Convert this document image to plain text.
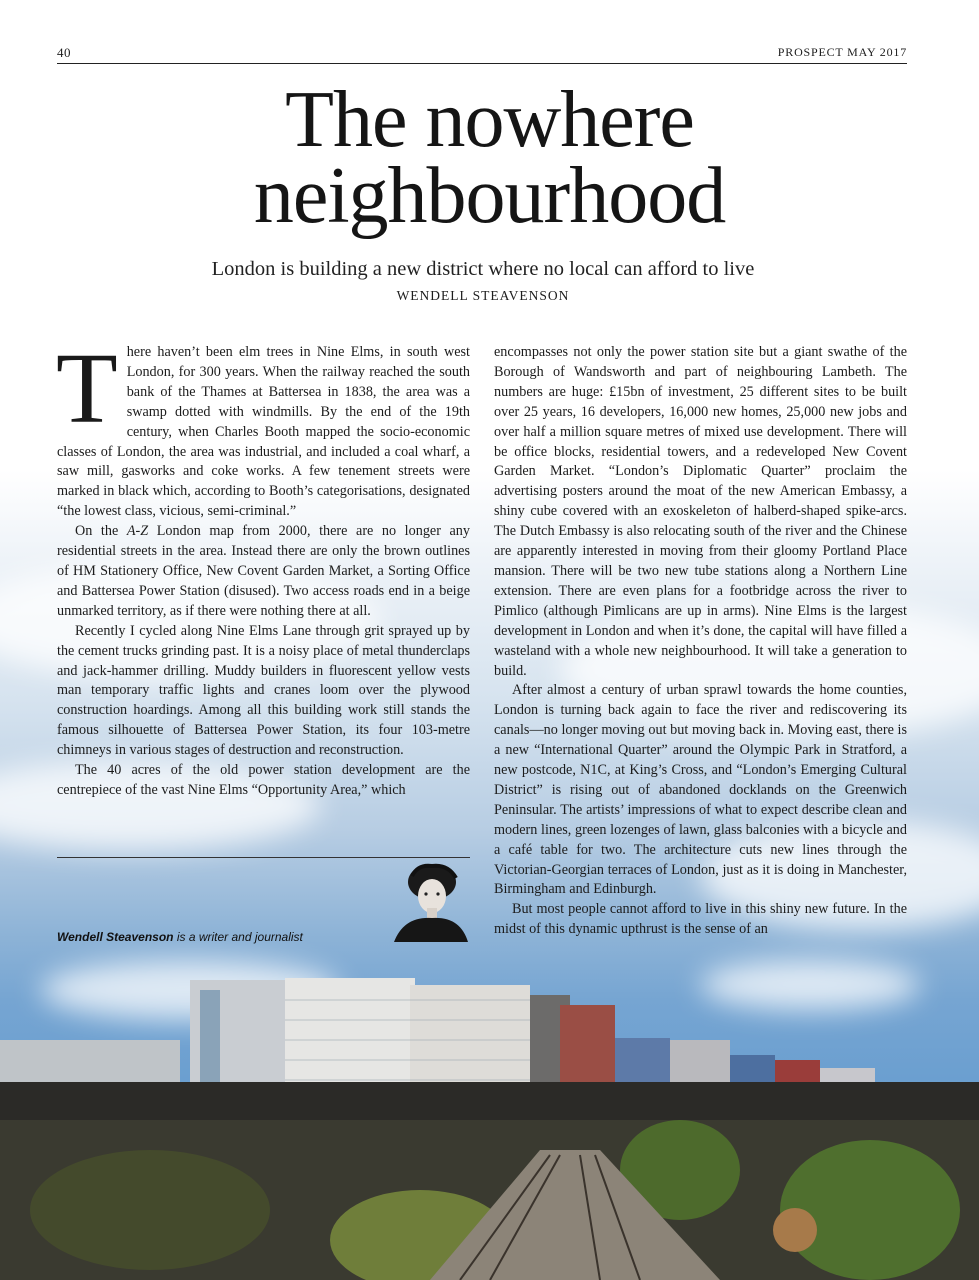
40	PROSPECT MAY 2017
The nowhere
neighbourhood
London is building a new district where no local can afford to live
WENDELL STEAVENSON

There haven’t been elm trees in Nine Elms, in south west London, for 300 years. When the railway reached the south bank of the Thames at Battersea in 1838, the area was a swamp dotted with windmills. By the end of the 19th century, when Charles Booth mapped the socio-economic classes of London, the area was industrial, and included a coal wharf, a saw mill, gasworks and coke works. A few tenement streets were marked in black which, according to Booth’s categorisations, designated “the lowest class, vicious, semi-criminal.”

On the A-Z London map from 2000, there are no longer any residential streets in the area. Instead there are only the brown outlines of HM Stationery Office, New Covent Garden Market, a Sorting Office and Battersea Power Station (disused). Two access roads end in a beige unmarked territory, as if there were nothing there at all.

Recently I cycled along Nine Elms Lane through grit sprayed up by the cement trucks grinding past. It is a noisy place of metal thunderclaps and jack-hammer drilling. Muddy builders in fluorescent yellow vests man temporary traffic lights and cranes loom over the plywood construction hoardings. Among all this building work still stands the famous silhouette of Battersea Power Station, its four 103-metre chimneys in various stages of destruction and reconstruction.

The 40 acres of the old power station development are the centrepiece of the vast Nine Elms “Opportunity Area,” which

encompasses not only the power station site but a giant swathe of the Borough of Wandsworth and part of neighbouring Lambeth. The numbers are huge: £15bn of investment, 25 different sites to be built over 25 years, 16 developers, 16,000 new homes, 25,000 new jobs and over half a million square metres of mixed use development. There will be office blocks, residential towers, and a redeveloped New Covent Garden Market. “London’s Diplomatic Quarter” proclaim the advertising posters around the moat of the new American Embassy, a shiny cube covered with an exoskeleton of halberd-shaped spike-arcs. The Dutch Embassy is also relocating south of the river and the Chinese are apparently interested in moving from their gloomy Portland Place mansion. There will be two new tube stations along a Northern Line extension. There are even plans for a footbridge across the river to Pimlico (although Pimlicans are up in arms). Nine Elms is the largest development in London and when it’s done, the capital will have filled a wasteland with a whole new neighbourhood. It will take a generation to build.

After almost a century of urban sprawl towards the home counties, London is turning back again to face the river and rediscovering its canals—no longer moving out but moving back in. Moving east, there is a new “International Quarter” around the Olympic Park in Stratford, a new postcode, N1C, at King’s Cross, and “London’s Emerging Cultural District” is rising out of abandoned docklands on the Greenwich Peninsular. The artists’ impressions of what to expect describe clean and modern lines, green lozenges of lawn, glass balconies with a bicycle and a café table for two. The architecture cuts new lines through the Victorian-Georgian terraces of London, just as it is doing in Manchester, Birmingham and Edinburgh.

But most people cannot afford to live in this shiny new future. In the midst of this dynamic upthrust is the sense of an

Wendell Steavenson is a writer and journalist
